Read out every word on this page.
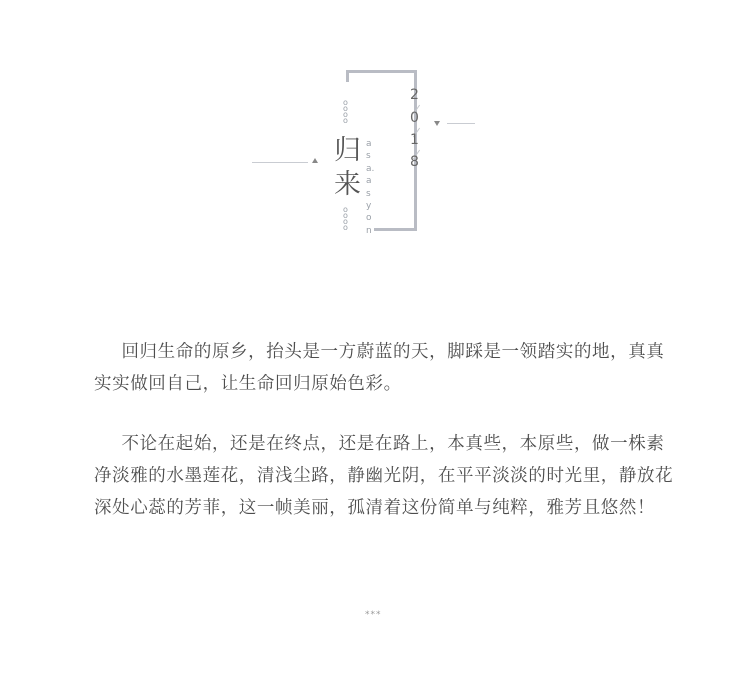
oooo
归
来
oooo
asa. asyon
2
0
1
8

  回归生命的原乡，抬头是一方蔚蓝的天，脚踩是一领踏实的地，真真实实做回自己，让生命回归原始色彩。

  不论在起始，还是在终点，还是在路上，本真些，本原些，做一株素净淡雅的水墨莲花，清浅尘路，静幽光阴，在平平淡淡的时光里，静放花深处心蕊的芳菲，这一帧美丽，孤清着这份简单与纯粹，雅芳且悠然！

***
